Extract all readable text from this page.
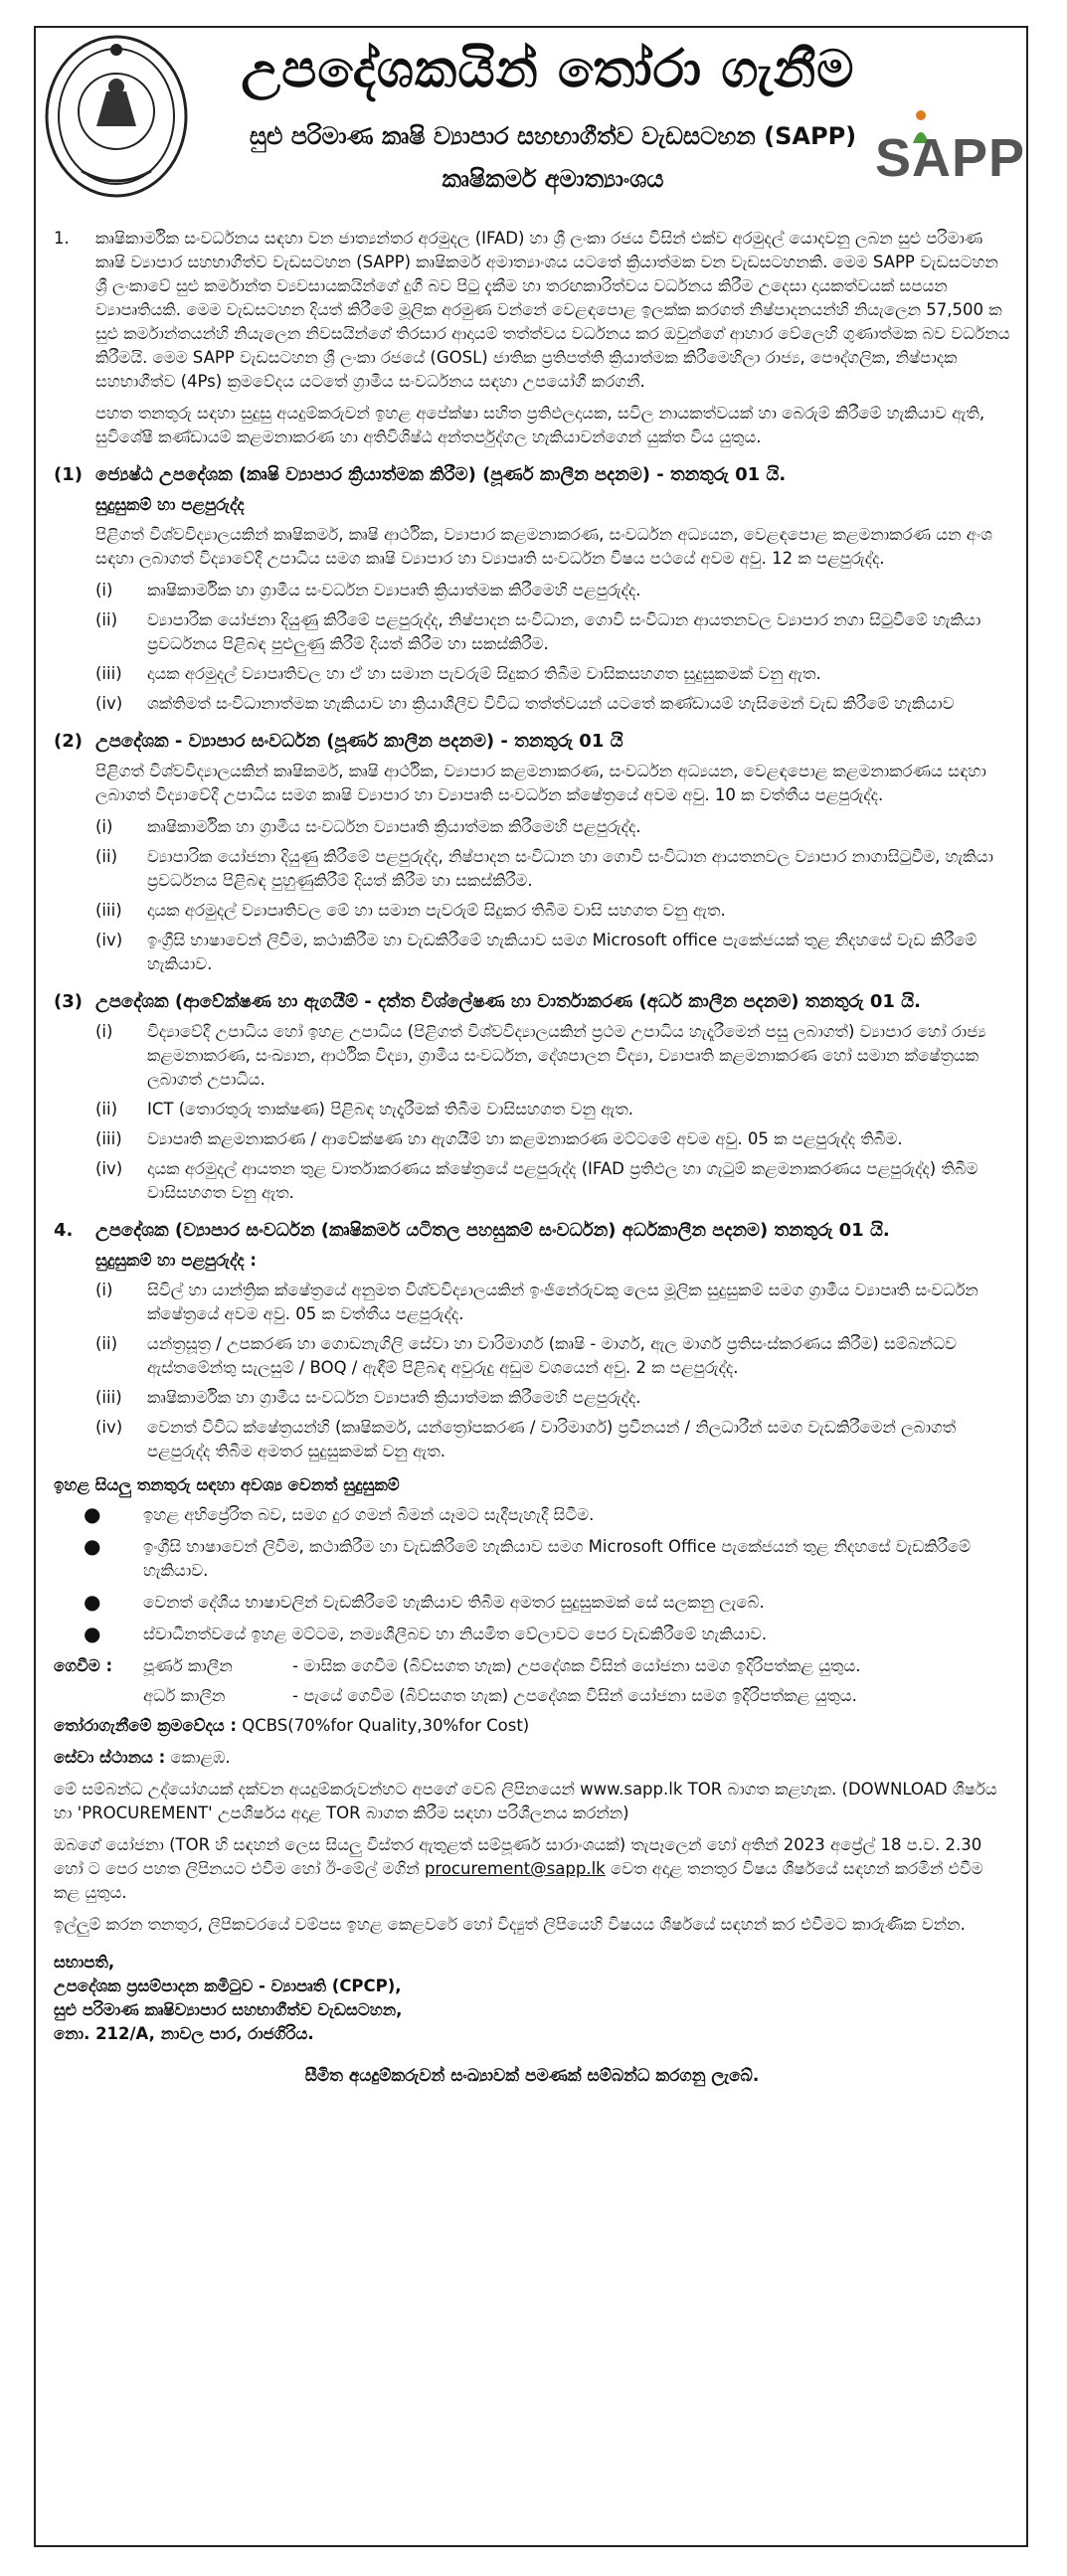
උපදේශකයින් තෝරා ගැනීම
සුළු පරිමාණ කෘෂි ව්‍යාපාර සහභාගීත්ව වැඩසටහන (SAPP)
කෘෂිකර්ම අමාත්‍යාංශය	SAPP
1.	කෘෂිකාර්මික සංවර්ධනය සඳහා වන ජාත්‍යන්තර අරමුදල (IFAD) හා ශ්‍රී ලංකා රජය විසින් එක්ව අරමුදල් යොදවනු ලබන සුළු පරිමාණ කෘෂි ව්‍යාපාර සහභාගීත්ව වැඩසටහන (SAPP) කෘෂිකර්ම අමාත්‍යාංශය යටතේ ක්‍රියාත්මක වන වැඩසටහනකි. මෙම SAPP වැඩසටහන ශ්‍රී ලංකාවේ සුළු කර්මාන්ත ව්‍යවසායකයින්ගේ දුගී බව පිටු දැකීම හා තරඟකාරිත්වය වර්ධනය කිරීම උදෙසා දායකත්වයක් සපයන ව්‍යාපෘතියකි. මෙම වැඩසටහන දියත් කිරීමේ මූලික අරමුණ වන්නේ වෙළඳපොළ ඉලක්ක කරගත් නිෂ්පාදනයන්හි නියැලෙන 57,500 ක සුළු කර්මාන්තයන්හි නියැලෙන නිවසයින්ගේ තිරසාර ආදායම් තත්ත්වය වර්ධනය කර ඔවුන්ගේ ආහාර වේලෙහි ගුණාත්මක බව වර්ධනය කිරීමයි. මෙම SAPP වැඩසටහන ශ්‍රී ලංකා රජයේ (GOSL) ජාතික ප්‍රතිපත්ති ක්‍රියාත්මක කිරීමෙහිලා රාජ්‍ය, පෞද්ගලික, නිෂ්පාදක සහභාගීත්ව (4Ps) ක්‍රමවේදය යටතේ ග්‍රාමීය සංවර්ධනය සඳහා උපයෝගී කරගනී.

පහත තනතුරු සඳහා සුදුසු අයදුම්කරුවන් ඉහළ අපේක්ෂා සහිත ප්‍රතිඵලදායක, සවිල නායකත්වයක් හා බෙරුම් කිරීමේ හැකියාව ඇති, සුවිශේෂී කණ්ඩායම් කළමනාකරණ හා අතිවිශිෂ්ඨ අන්තර්පුද්ගල හැකියාවන්ගෙන් යුක්ත විය යුතුය.

(1) ජ්‍යෙෂ්ඨ උපදේශක (කෘෂි ව්‍යාපාර ක්‍රියාත්මක කිරීම) (පූර්ණ කාලීන පදනම) - තනතුරු 01 යි.
සුදුසුකම් හා පළපුරුද්ද

පිළිගත් විශ්වවිද්‍යාලයකින් කෘෂිකර්ම, කෘෂි ආර්ථික, ව්‍යාපාර කළමනාකරණ, සංවර්ධන අධ්‍යයන, වෙළඳපොළ කළමනාකරණ යන අංශ සඳහා ලබාගත් විද්‍යාවේදී උපාධිය සමග කෘෂි ව්‍යාපාර හා ව්‍යාපෘති සංවර්ධන විෂය පථයේ අවම අවු. 12 ක පළපුරුද්ද.

(i)	කෘෂිකාර්මික හා ග්‍රාමීය සංවර්ධන ව්‍යාපෘති ක්‍රියාත්මක කිරීමෙහි පළපුරුද්ද.
(ii)	ව්‍යාපාරික යෝජනා දියුණු කිරීමේ පළපුරුද්ද, නිෂ්පාදන සංවිධාන, ගොවි සංවිධාන ආයතනවල ව්‍යාපාර නගා සිටුවීමේ හැකියා ප්‍රවර්ධනය පිළිබඳ පුළුලුණු කිරීම් දියත් කිරීම හා සකස්කිරීම.
(iii)	දායක අරමුදල් ව්‍යාපෘතිවල හා ඒ හා සමාන පැවරුම් සිදුකර තිබීම වාසිකසහගත සුදුසුකමක් වනු ඇත.
(iv)	ශක්තිමත් සංවිධානාත්මක හැකියාව හා ක්‍රියාශීලීව විවිධ තත්ත්වයන් යටතේ කණ්ඩායම් හැසිමෙන් වැඩ කිරීමේ හැකියාව
(2) උපදේශක - ව්‍යාපාර සංවර්ධන (පූර්ණ කාලීන පදනම) - තනතුරු 01 යි

පිළිගත් විශ්වවිද්‍යාලයකින් කෘෂිකර්ම, කෘෂි ආර්ථික, ව්‍යාපාර කළමනාකරණ, සංවර්ධන අධ්‍යයන, වෙළඳපොළ කළමනාකරණය සඳහා ලබාගත් විද්‍යාවේදී උපාධිය සමග කෘෂි ව්‍යාපාර හා ව්‍යාපෘති සංවර්ධන ක්ෂේත්‍රයේ අවම අවු. 10 ක වත්තීය පළපුරුද්ද.

(i)	කෘෂිකාර්මික හා ග්‍රාමීය සංවර්ධන ව්‍යාපෘති ක්‍රියාත්මක කිරීමෙහි පළපුරුද්ද.
(ii)	ව්‍යාපාරික යෝජනා දියුණු කිරීමේ පළපුරුද්ද, නිෂ්පාදන සංවිධාන හා ගොවි සංවිධාන ආයතනවල ව්‍යාපාර නාගාසිටුවීම, හැකියා ප්‍රවර්ධනය පිළිබඳ පුහුණුකිරීම් දියත් කිරීම හා සකස්කිරීම.
(iii)	දායක අරමුදල් ව්‍යාපෘතිවල මේ හා සමාන පැවරුම් සිදුකර තිබීම වාසි සහගත වනු ඇත.
(iv)	ඉංග්‍රීසි භාෂාවෙන් ලිවීම, කථාකිරීම හා වැඩකිරීමේ හැකියාව සමග Microsoft office පැකේජයක් තුළ නිදහසේ වැඩ කිරීමේ හැකියාව.
(3) උපදේශක (ආවේක්ෂණ හා ඇගයීම් - දත්ත විශ්ලේෂණ හා වාර්තාකරණ (අර්ධ කාලීන පදනම) තනතුරු 01 යි.
(i)	විද්‍යාවේදී උපාධිය හෝ ඉහළ උපාධිය (පිළිගත් විශ්වවිද්‍යාලයකින් ප්‍රථම උපාධිය හැදෑරීමෙන් පසු ලබාගත්) ව්‍යාපාර හෝ රාජ්‍ය කළමනාකරණ, සංඛ්‍යාන, ආර්ථික විද්‍යා, ග්‍රාමීය සංවර්ධන, දේශපාලන විද්‍යා, ව්‍යාපෘති කළමනාකරණ හෝ සමාන ක්ෂේත්‍රයක ලබාගත් උපාධිය.
(ii)	ICT (තොරතුරු තාක්ෂණ) පිළිබඳ හැදෑරීමක් තිබීම වාසිසහගත වනු ඇත.
(iii)	ව්‍යාපෘති කළමනාකරණ / ආවේක්ෂණ හා ඇගයීම් හා කළමනාකරණ මට්ටමේ අවම අවු. 05 ක පළපුරුද්ද තිබීම.
(iv)	දායක අරමුදල් ආයතන තුළ වාර්තාකරණය ක්ෂේත්‍රයේ පළපුරුද්ද (IFAD ප්‍රතිඵල හා ගැටුම් කළමනාකරණය පළපුරුද්ද) තිබීම වාසිසහගත වනු ඇත.
4.	උපදේශක (ව්‍යාපාර සංවර්ධන (කෘෂිකර්ම යටිතල පහසුකම් සංවර්ධන) අර්ධකාලීන පදනම) තනතුරු 01 යි.
සුදුසුකම් හා පළපුරුද්ද :
(i)	සිවිල් හා යාන්ත්‍රික ක්ෂේත්‍රයේ අනුමත විශ්වවිද්‍යාලයකින් ඉංජිනේරුවකු ලෙස මූලික සුදුසුකම් සමග ග්‍රාමීය ව්‍යාපෘති සංවර්ධන ක්ෂේත්‍රයේ අවම අවු. 05 ක වත්තීය පළපුරුද්ද.
(ii)	යන්ත්‍රසූත්‍ර / උපකරණ හා ගොඩනැගිලි සේවා හා වාරිමාර්ග (කෘෂි - මාර්ග, ඇල මාර්ග ප්‍රතිසංස්කරණය කිරීම) සම්බන්ධව ඇස්තමේන්තු සැලසුම් / BOQ / ඇඳීම් පිළිබඳ අවුරුදු අඩුම වශයෙන් අවු. 2 ක පළපුරුද්ද.
(iii)	කෘෂිකාර්මික හා ග්‍රාමීය සංවර්ධන ව්‍යාපෘති ක්‍රියාත්මක කිරීමෙහි පළපුරුද්ද.
(iv)	වෙනත් විවිධ ක්ෂේත්‍රයන්හි (කෘෂිකර්ම, යන්ත්‍රෝපකරණ / වාරිමාර්ග) ප්‍රවීනයන් / නිලධාරීන් සමග වැඩකිරීමෙන් ලබාගත් පළපුරුද්ද තිබීම අමතර සුදුසුකමක් වනු ඇත.
ඉහළ සියලු තනතුරු සඳහා අවශ්‍ය වෙනත් සුදුසුකම්
●	ඉහළ අභිප්‍රේරිත බව, සමග දුර ගමන් බිමන් යෑමට සැදීපැහැදී සිටීම.
●	ඉංග්‍රීසි භාෂාවෙන් ලිවීම, කථාකිරීම හා වැඩකිරීමේ හැකියාව සමග Microsoft Office පැකේජයන් තුළ නිදහසේ වැඩකිරීමේ හැකියාව.
●	වෙනත් දේශීය භාෂාවලින් වැඩකිරීමේ හැකියාව තිබීම අමතර සුදුසුකමක් සේ සලකනු ලැබේ.
●	ස්වාධීනත්වයේ ඉහළ මට්ටම, නම්‍යශීලීබව හා නියමිත වේලාවට පෙර වැඩකිරීමේ හැකියාව.
ගෙවීම :	පූර්ණ කාලීන	- මාසික ගෙවීම (බිව්සගත හැක) උපදේශක විසින් යෝජනා සමග ඉදිරිපත්කළ යුතුය.
අර්ධ කාලීන	- පැයේ ගෙවීම (බිව්සගත හැක) උපදේශක විසින් යෝජනා සමග ඉදිරිපත්කළ යුතුය.

තෝරාගැනීමේ ක්‍රමවේදය : QCBS(70%for Quality,30%for Cost)

සේවා ස්ථානය : කොළඹ.

මේ සම්බන්ධ උද්යෝගයක් දක්වන අයදුම්කරුවන්හට අපගේ වෙබ් ලිපිනයෙන් www.sapp.lk TOR බාගත කළහැක. (DOWNLOAD ශීර්ෂය හා 'PROCUREMENT' උපශීර්ෂය අදාළ TOR බාගත කිරීම සඳහා පරිශීලනය කරන්න)

ඔබගේ යෝජනා (TOR හි සඳහන් ලෙස සියලු විස්තර ඇතුළත් සම්පූර්ණ සාරාංශයක්) තැපෑලෙන් හෝ අතින් 2023 අප්‍රේල් 18 ප.ව. 2.30 හෝ ට පෙර පහත ලිපිනයට එවීම හෝ ඊ-මේල් මගින් procurement@sapp.lk වෙත අදාළ තනතුර විෂය ශීර්ෂයේ සඳහන් කරමින් එවීම කළ යුතුය.

ඉල්ලුම් කරන තනතුර, ලිපිකවරයේ වම්පස ඉහළ කෙළවරේ හෝ විද්‍යුත් ලිපියෙහි විෂයය ශීර්ෂයේ සඳහන් කර එවීමට කාරුණික වන්න.

සභාපති,
උපදේශක ප්‍රසම්පාදන කමිටුව - ව්‍යාපෘති (CPCP),
සුළු පරිමාණ කෘෂිව්‍යාපාර සහභාගීත්ව වැඩසටහන,
නො. 212/A, නාවල පාර, රාජගිරිය.
සීමිත අයදුම්කරුවන් සංඛ්‍යාවක් පමණක් සම්බන්ධ කරගනු ලැබේ.
